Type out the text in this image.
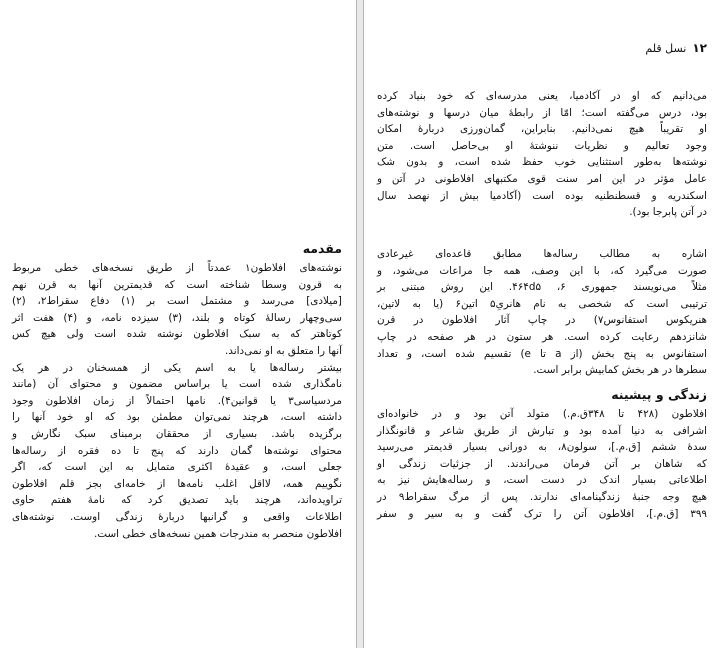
۱۲
نسل قلم

می‌دانیم که او در آکادمیا، یعنی مدرسه‌ای که خود بنیاد کرده
بود، درس می‌گفته است؛ امّا از رابطهٔ میان درسها و نوشته‌های
او تقریباً هیچ نمی‌دانیم. بنابراین، گمان‌ورزی دربارهٔ امکان
وجود تعالیم و نظریات ننوشتهٔ او بی‌حاصل است. متن
نوشته‌ها به‌طور استثنایی خوب حفظ شده است، و بدون شک
عامل مؤثر در این امر سنت قوی مکتبهای افلاطونی در آتن و
اسکندریه و قسطنطنیه بوده است (آکادمیا بیش از نهصد سال
در آتن پابرجا بود).

اشاره به مطالب رساله‌ها مطابق قاعده‌ای غیرعادی
صورت می‌گیرد که، با این وصف، همه جا مراعات می‌شود، و
مثلاً می‌نویسند جمهوری ۶، ۴۶۴d۵. این روش مبتنی بر
ترتیبی است که شخصی به نام هانریِ۵ اتین۶ (یا به لاتین،
هنریکوس استفانوس۷) در چاپ آثار افلاطون در قرن
شانزدهم رعایت کرده است. هر ستون در هر صفحه در چاپ
استفانوس به پنج بخش (از a تا e) تقسیم شده است، و تعداد
سطرها در هر بخش کمابیش برابر است.

زندگی و پیشینه

افلاطون (۴۲۸ تا ۳۴۸ق.م.) متولد آتن بود و در خانواده‌ای
اشرافی به دنیا آمده بود و تبارش از طریق شاعر و قانونگذار
سدهٔ ششم [ق.م.]، سولون۸، به دورانی بسیار قدیمتر می‌رسید
که شاهان بر آتن فرمان می‌راندند. از جزئیات زندگی او
اطلاعاتی بسیار اندک در دست است، و رساله‌هایش نیز به
هیچ وجه جنبهٔ زندگینامه‌ای ندارند. پس از مرگ سقراط۹ در
۳۹۹ [ق.م.]، افلاطون آتن را ترک گفت و به سیر و سفر

مقدمه

نوشته‌های افلاطون۱ عمدتاً از طریق نسخه‌های خطی مربوط
به قرون وسطا شناخته است که قدیمترین آنها به قرن نهم
[میلادی] می‌رسد و مشتمل است بر (۱) دفاع سقراط۲، (۲)
سی‌وچهار رسالهٔ کوتاه و بلند، (۳) سیزده نامه، و (۴) هفت اثر
کوتاهتر که به سبک افلاطون نوشته شده است ولی هیچ کس
آنها را متعلق به او نمی‌داند.

بیشتر رساله‌ها یا به اسم یکی از همسخنان در هر یک
نامگذاری شده است یا براساس مضمون و محتوای آن (مانند
مردسیاسی۳ یا قوانین۴). نامها احتمالاً از زمان افلاطون وجود
داشته است، هرچند نمی‌توان مطمئن بود که او خود آنها را
برگزیده باشد. بسیاری از محققان برمبنای سبک نگارش و
محتوای نوشته‌ها گمان دارند که پنج تا ده فقره از رساله‌ها
جعلی است، و عقیدهٔ اکثری متمایل به این است که، اگر
نگوییم همه، لااقل اغلب نامه‌ها از خامه‌ای بجز قلم افلاطون
تراویده‌اند، هرچند باید تصدیق کرد که نامهٔ هفتم حاوی
اطلاعات واقعی و گرانبها دربارهٔ زندگی اوست. نوشته‌های
افلاطون منحصر به مندرجات همین نسخه‌های خطی است.
